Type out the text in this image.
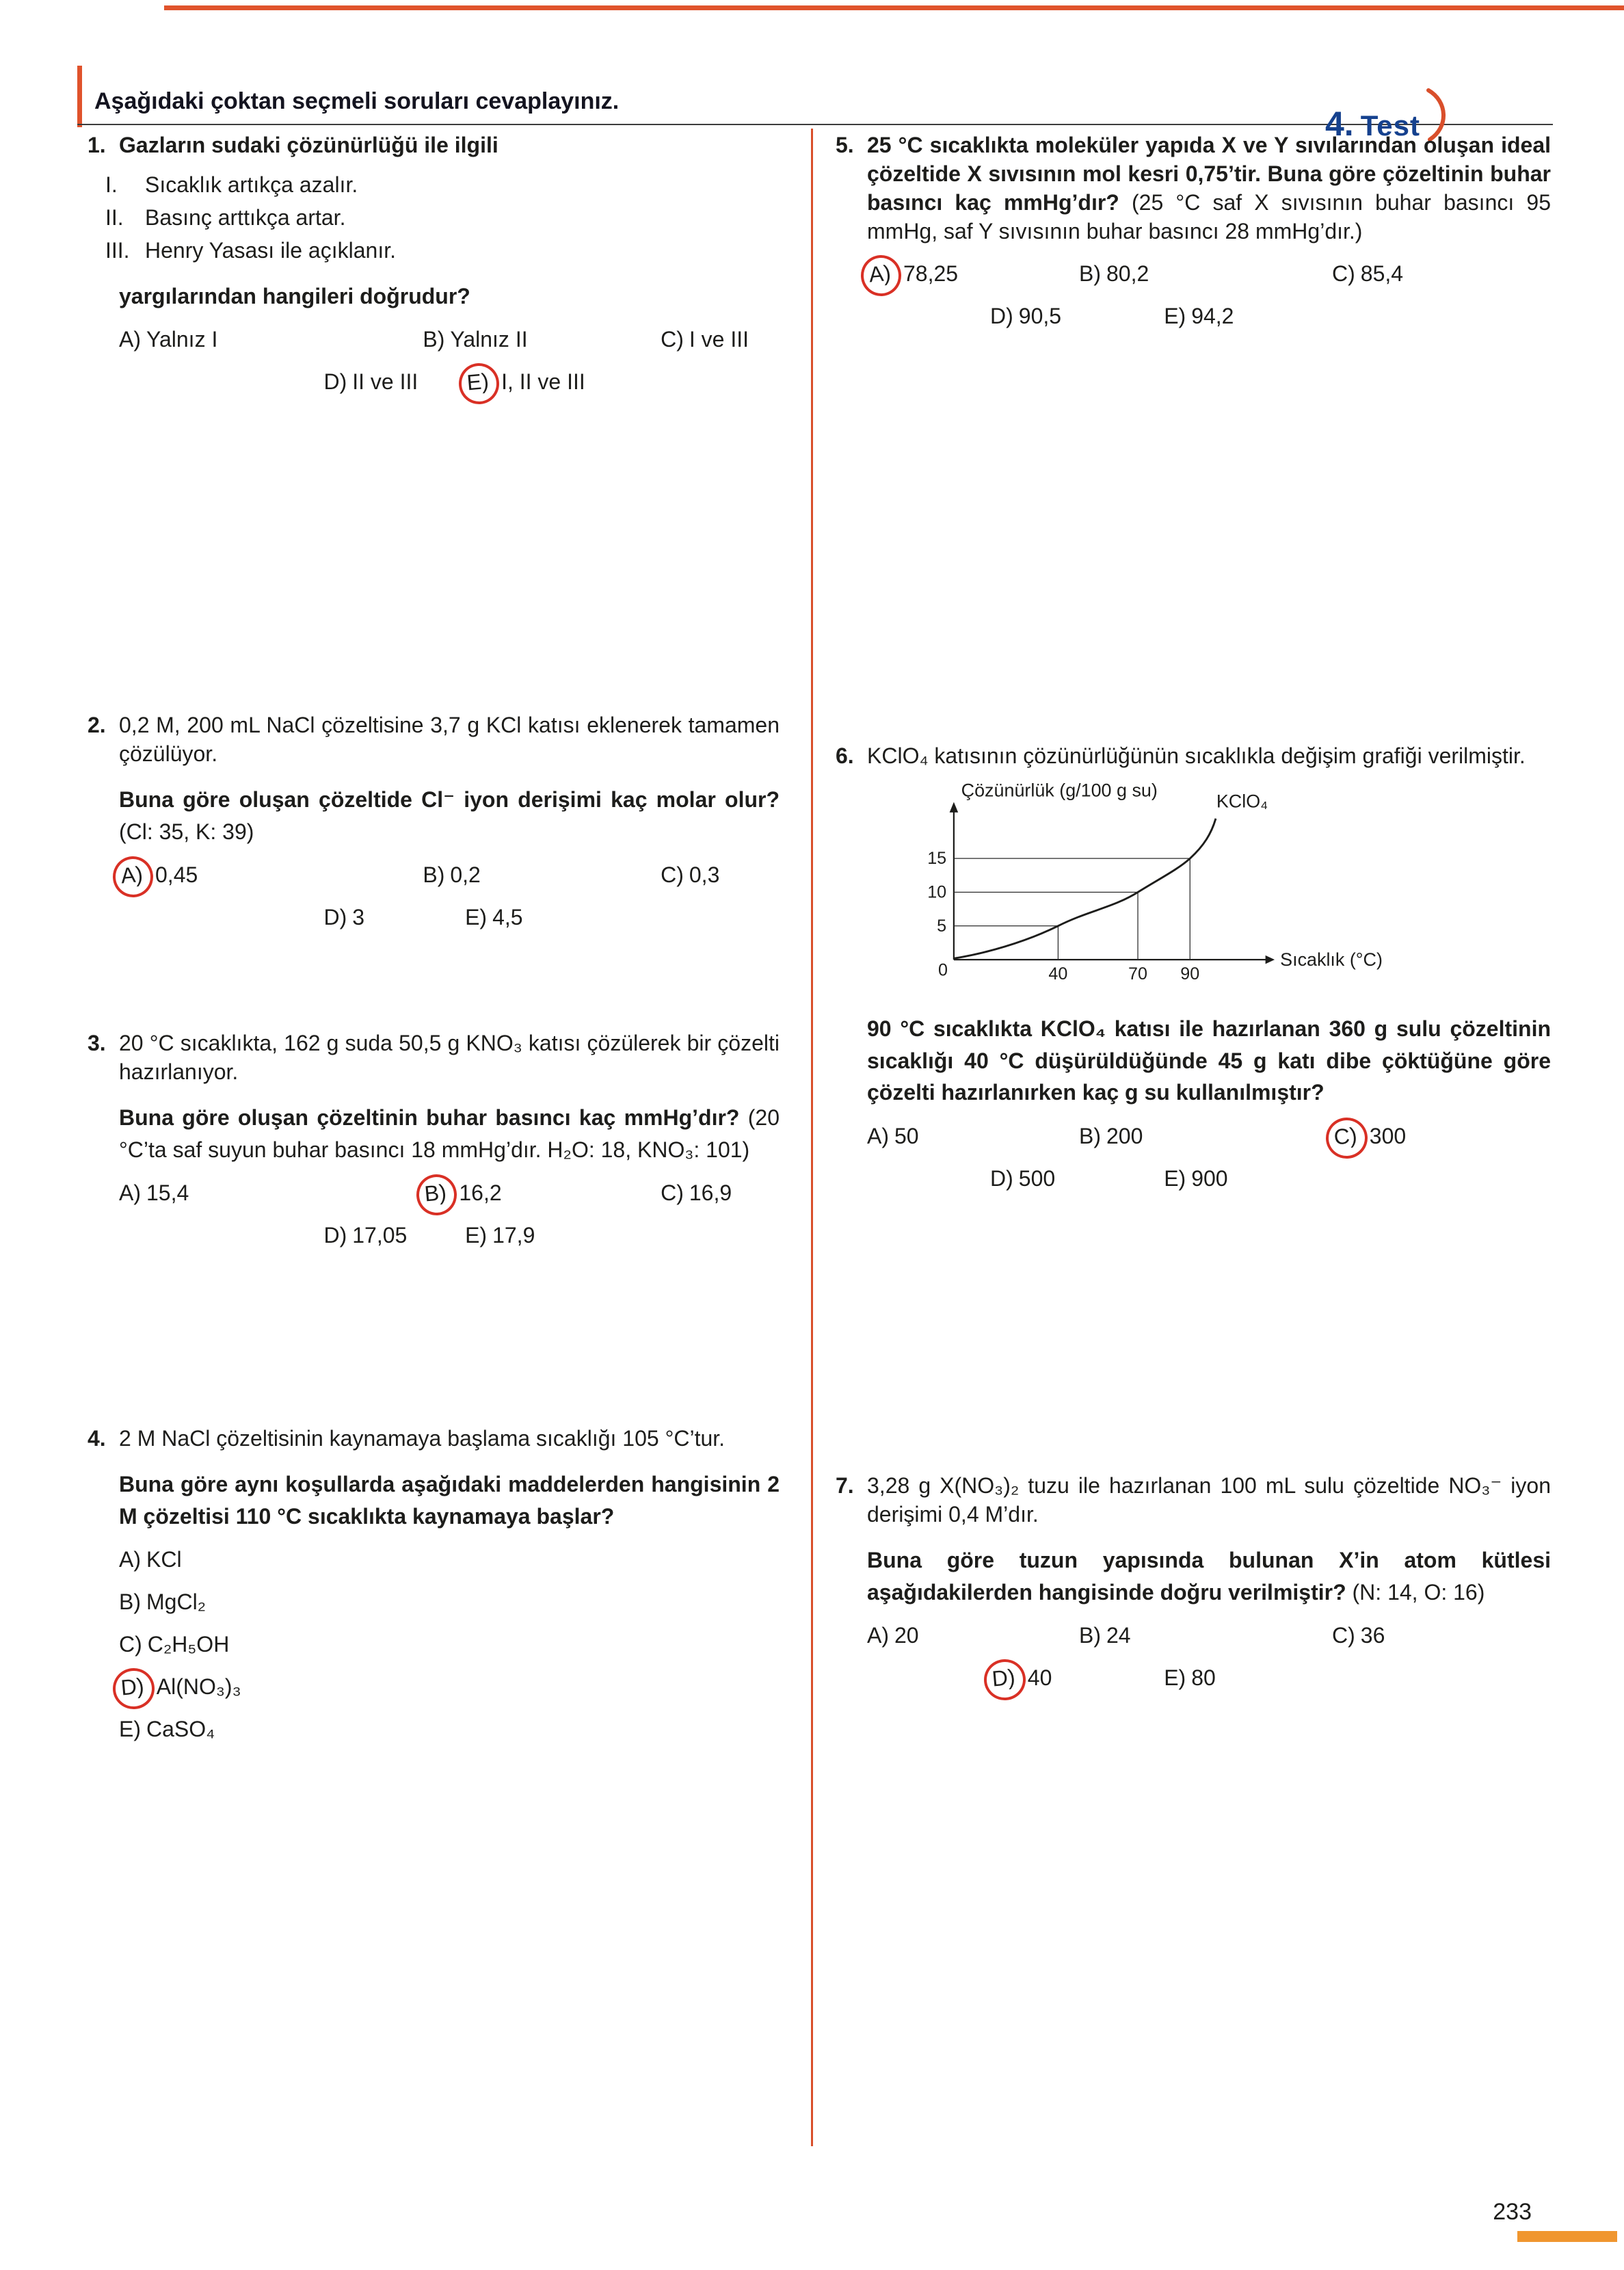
Aşağıdaki çoktan seçmeli soruları cevaplayınız.
4. Test
1. Gazların sudaki çözünürlüğü ile ilgili

I.	Sıcaklık artıkça azalır.
II. Basınç arttıkça artar.
III. Henry Yasası ile açıklanır.

yargılarından hangileri doğrudur?

A) Yalnız I	B) Yalnız II	C) I ve III
D) II ve III	E) I, II ve III
2. 0,2 M, 200 mL NaCl çözeltisine 3,7 g KCl katısı eklenerek tamamen çözülüyor.

Buna göre oluşan çözeltide Cl⁻ iyon derişimi kaç molar olur? (Cl: 35, K: 39)

A) 0,45	B) 0,2	C) 0,3
D) 3	E) 4,5
3. 20 °C sıcaklıkta, 162 g suda 50,5 g KNO₃ katısı çözülerek bir çözelti hazırlanıyor.

Buna göre oluşan çözeltinin buhar basıncı kaç mmHg’dır? (20 °C’ta saf suyun buhar basıncı 18 mmHg’dır. H₂O: 18, KNO₃: 101)

A) 15,4	B) 16,2	C) 16,9
D) 17,05	E) 17,9
4. 2 M NaCl çözeltisinin kaynamaya başlama sıcaklığı 105 °C’tur.

Buna göre aynı koşullarda aşağıdaki maddelerden hangisinin 2 M çözeltisi 110 °C sıcaklıkta kaynamaya başlar?

A) KCl
B) MgCl₂
C) C₂H₅OH
D) Al(NO₃)₃
E) CaSO₄
5. 25 °C sıcaklıkta moleküler yapıda X ve Y sıvılarından oluşan ideal çözeltide X sıvısının mol kesri 0,75’tir. Buna göre çözeltinin buhar basıncı kaç mmHg’dır? (25 °C saf X sıvısının buhar basıncı 95 mmHg, saf Y sıvısının buhar basıncı 28 mmHg’dır.)

A) 78,25	B) 80,2	C) 85,4
D) 90,5	E) 94,2
6. KClO₄ katısının çözünürlüğünün sıcaklıkla değişim grafiği verilmiştir.

Çözünürlük (g/100 g su)
KClO₄
Sıcaklık (°C)
15
10
5
0	40	70 90

90 °C sıcaklıkta KClO₄ katısı ile hazırlanan 360 g sulu çözeltinin sıcaklığı 40 °C düşürüldüğünde 45 g katı dibe çöktüğüne göre çözelti hazırlanırken kaç g su kullanılmıştır?

A) 50	B) 200	C) 300
D) 500	E) 900
7. 3,28 g X(NO₃)₂ tuzu ile hazırlanan 100 mL sulu çözeltide NO₃⁻ iyon derişimi 0,4 M’dır.

Buna göre tuzun yapısında bulunan X’in atom kütlesi aşağıdakilerden hangisinde doğru verilmiştir? (N: 14, O: 16)

A) 20	B) 24	C) 36
D) 40	E) 80
233
